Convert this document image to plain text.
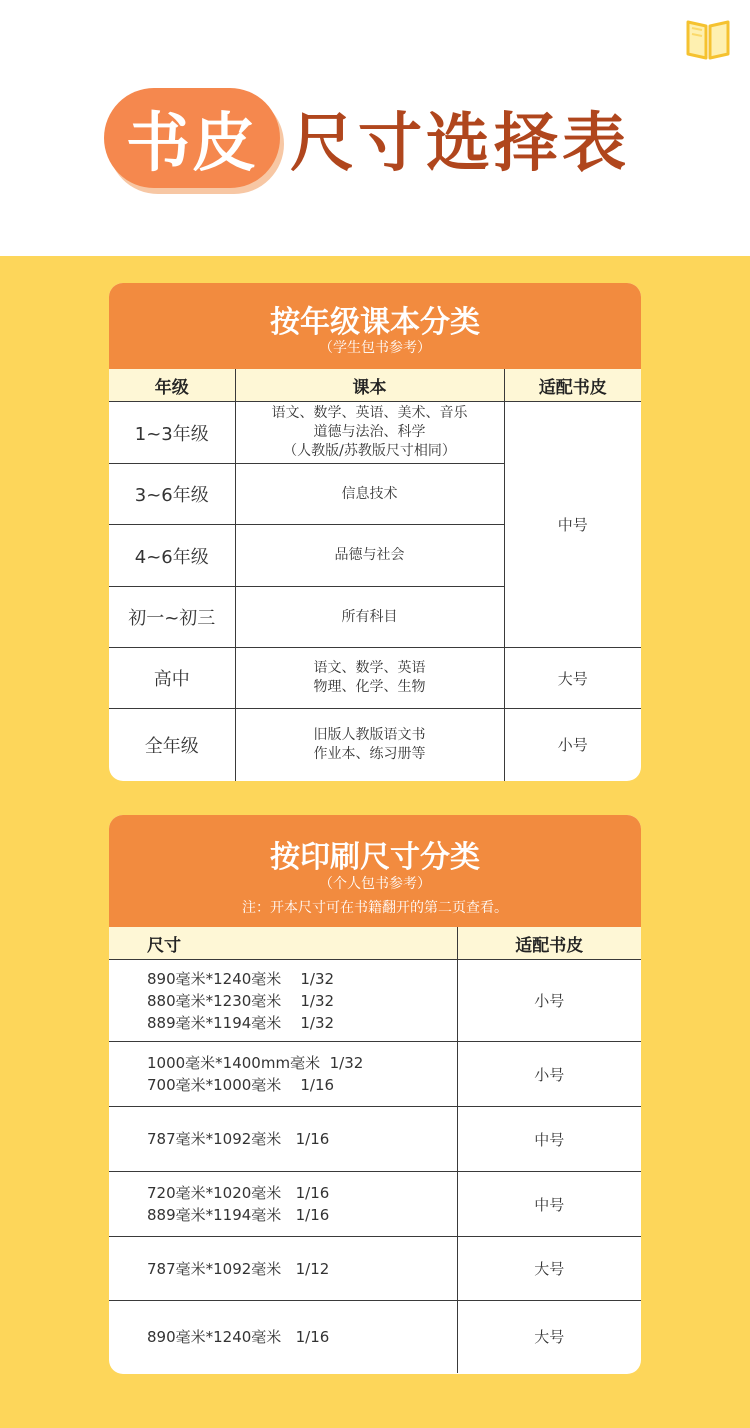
书皮 尺寸选择表
按年级课本分类
（学生包书参考）
年级	课本	适配书皮
1~3年级	语文、数学、英语、美术、音乐
道德与法治、科学
（人教版/苏教版尺寸相同）	中号
3~6年级	信息技术	

4~6年级	品德与社会	

初一~初三	所有科目	

高中	语文、数学、英语
物理、化学、生物	大号
全年级	旧版人教版语文书
作业本、练习册等	小号
按印刷尺寸分类
（个人包书参考）
注：开本尺寸可在书籍翻开的第二页查看。
尺寸	适配书皮

890毫米*1240毫米    1/32
880毫米*1230毫米    1/32
889毫米*1194毫米    1/32	小号

1000毫米*1400mm毫米  1/32
700毫米*1000毫米    1/16	小号

787毫米*1092毫米   1/16	中号

720毫米*1020毫米   1/16
889毫米*1194毫米   1/16	中号

787毫米*1092毫米   1/12	大号

890毫米*1240毫米   1/16	大号
